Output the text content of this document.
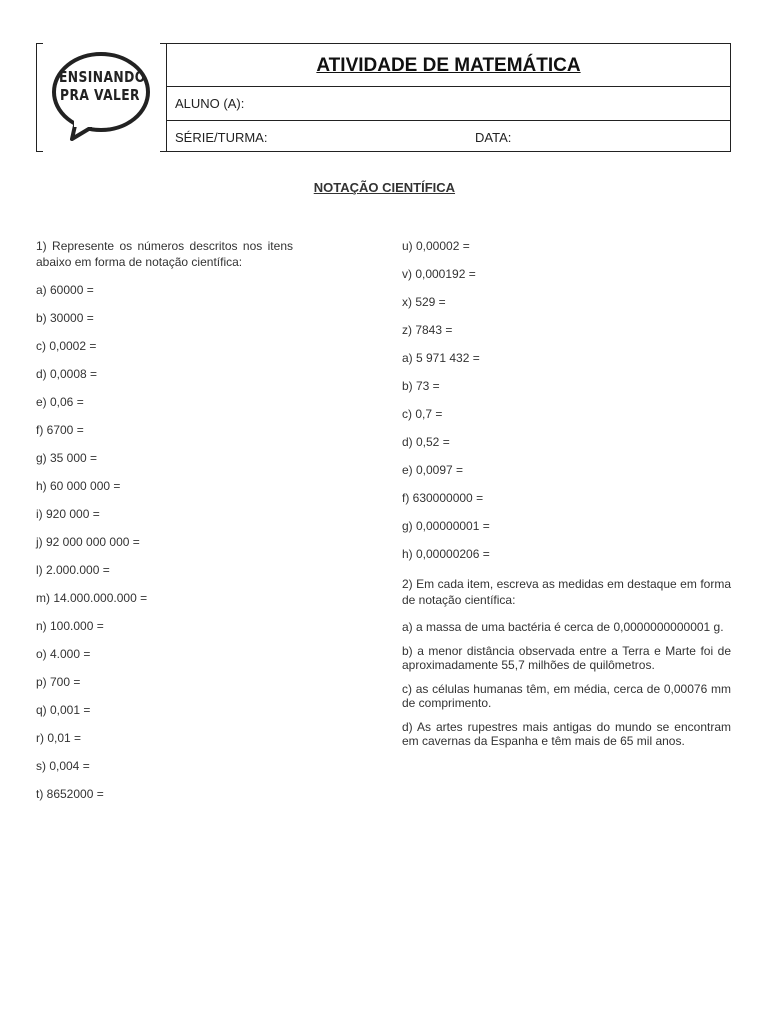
ENSINANDO
PRA VALER
ATIVIDADE DE MATEMÁTICA
ALUNO (A):
SÉRIE/TURMA:	DATA:
NOTAÇÃO CIENTÍFICA

1) Represente os números descritos nos itens abaixo em forma de notação científica:

a) 60000 =

b) 30000 =

c) 0,0002 =

d) 0,0008 =

e) 0,06 =

f) 6700 =

g) 35 000 =

h) 60 000 000 =

i) 920 000 =

j) 92 000 000 000 =

l) 2.000.000 =

m) 14.000.000.000 =

n) 100.000 =

o) 4.000 =

p) 700 =

q) 0,001 =

r) 0,01 =

s) 0,004 =

t) 8652000 =

u) 0,00002 =

v) 0,000192 =

x) 529 =

z) 7843 =

a) 5 971 432 =

b) 73 =

c) 0,7 =

d) 0,52 =

e) 0,0097 =

f) 630000000 =

g) 0,00000001 =

h) 0,00000206 =

2) Em cada item, escreva as medidas em destaque em forma de notação científica:

a) a massa de uma bactéria é cerca de 0,0000000000001 g.

b) a menor distância observada entre a Terra e Marte foi de aproximadamente 55,7 milhões de quilômetros.

c) as células humanas têm, em média, cerca de 0,00076 mm de comprimento.

d) As artes rupestres mais antigas do mundo se encontram em cavernas da Espanha e têm mais de 65 mil anos.
